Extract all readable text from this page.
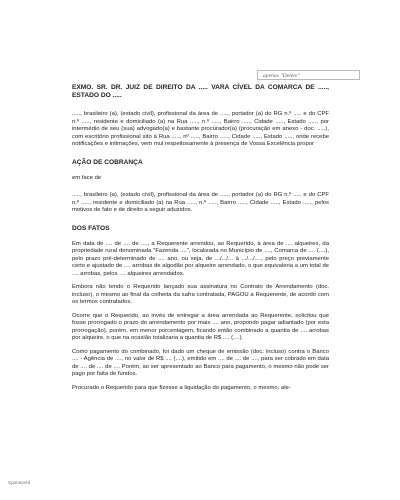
apenas "Delete"

EXMO. SR. DR. JUIZ DE DIREITO DA ..... VARA CÍVEL DA COMARCA DE ....., ESTADO DO .....

....., brasileiro (a), (estado civil), profissional da área de ....., portador (a) do RG n.º ..... e do CPF n.º ....., residente e domiciliado (a) na Rua ....., n.º ....., Bairro ....., Cidade ....., Estado ....., por intermédio de seu (sua) advogado(a) e bastante procurador(a) (procuração em anexo - doc. .....), com escritório profissional sito à Rua ....., nº ....., Bairro ....., Cidade ....., Estado ....., onde recebe notificações e intimações, vem mui respeitosamente à presença de Vossa Excelência propor

AÇÃO DE COBRANÇA

em face de

....., brasileiro (a), (estado civil), profissional da área de ....., portador (a) do RG n.º ..... e do CPF n.º ....., residente e domiciliado (a) na Rua ....., n.º ....., Bairro ....., Cidade ....., Estado ....., pelos motivos de fato e de direito a seguir aduzidos.

DOS FATOS

Em data de .... de .... de ...., a Requerente arrendou, ao Requerido, à área de .... alqueires, da propriedade rural denominada "Fazenda ....", localizada no Município de ...., Comarca de .... (....), pelo prazo pré-determinado de .... ano, ou seja, de .../.../... à .../.../...., pelo preço previamente certo e ajustado de .... arrobas de algodão por alqueire arrendado, o que equivaleria a um total de .... arrobas, pelos .... alqueires arrendados.

Embora não tendo o Requerido lançado sua assinatura no Contrato de Arrendamento (doc. incluso), o mesmo ao final da colheita da safra contratada, PAGOU a Requerente, de acordo com os termos contratados.

Ocorre que o Requerido, ao invés de entregar a área arrendada ao Requerente, solicitou que fosse prorrogado o prazo do arrendamento por mais .... ano, propondo pagar adiantado (por esta prorrogação), porém, em menor porcentagem, ficando então combinado a quantia de .... arrobas por alqueire, o que na ocasião totalizaria a quantia de R$ .... (....).

Como pagamento do combinado, foi dado um cheque de emissão (doc. incluso) contra o Banco .... - Agência de ...., no valor de R$ .... (....), emitido em .... de .... de ...., para ser cobrado em data de .... de .... de .... Porém, ao ser apresentado ao Banco para pagamento, o mesmo não pode ser pago por falta de fundos.

Procurado o Requerido para que fizesse a liquidação do pagamento, o mesmo, ale-

Sponsored
